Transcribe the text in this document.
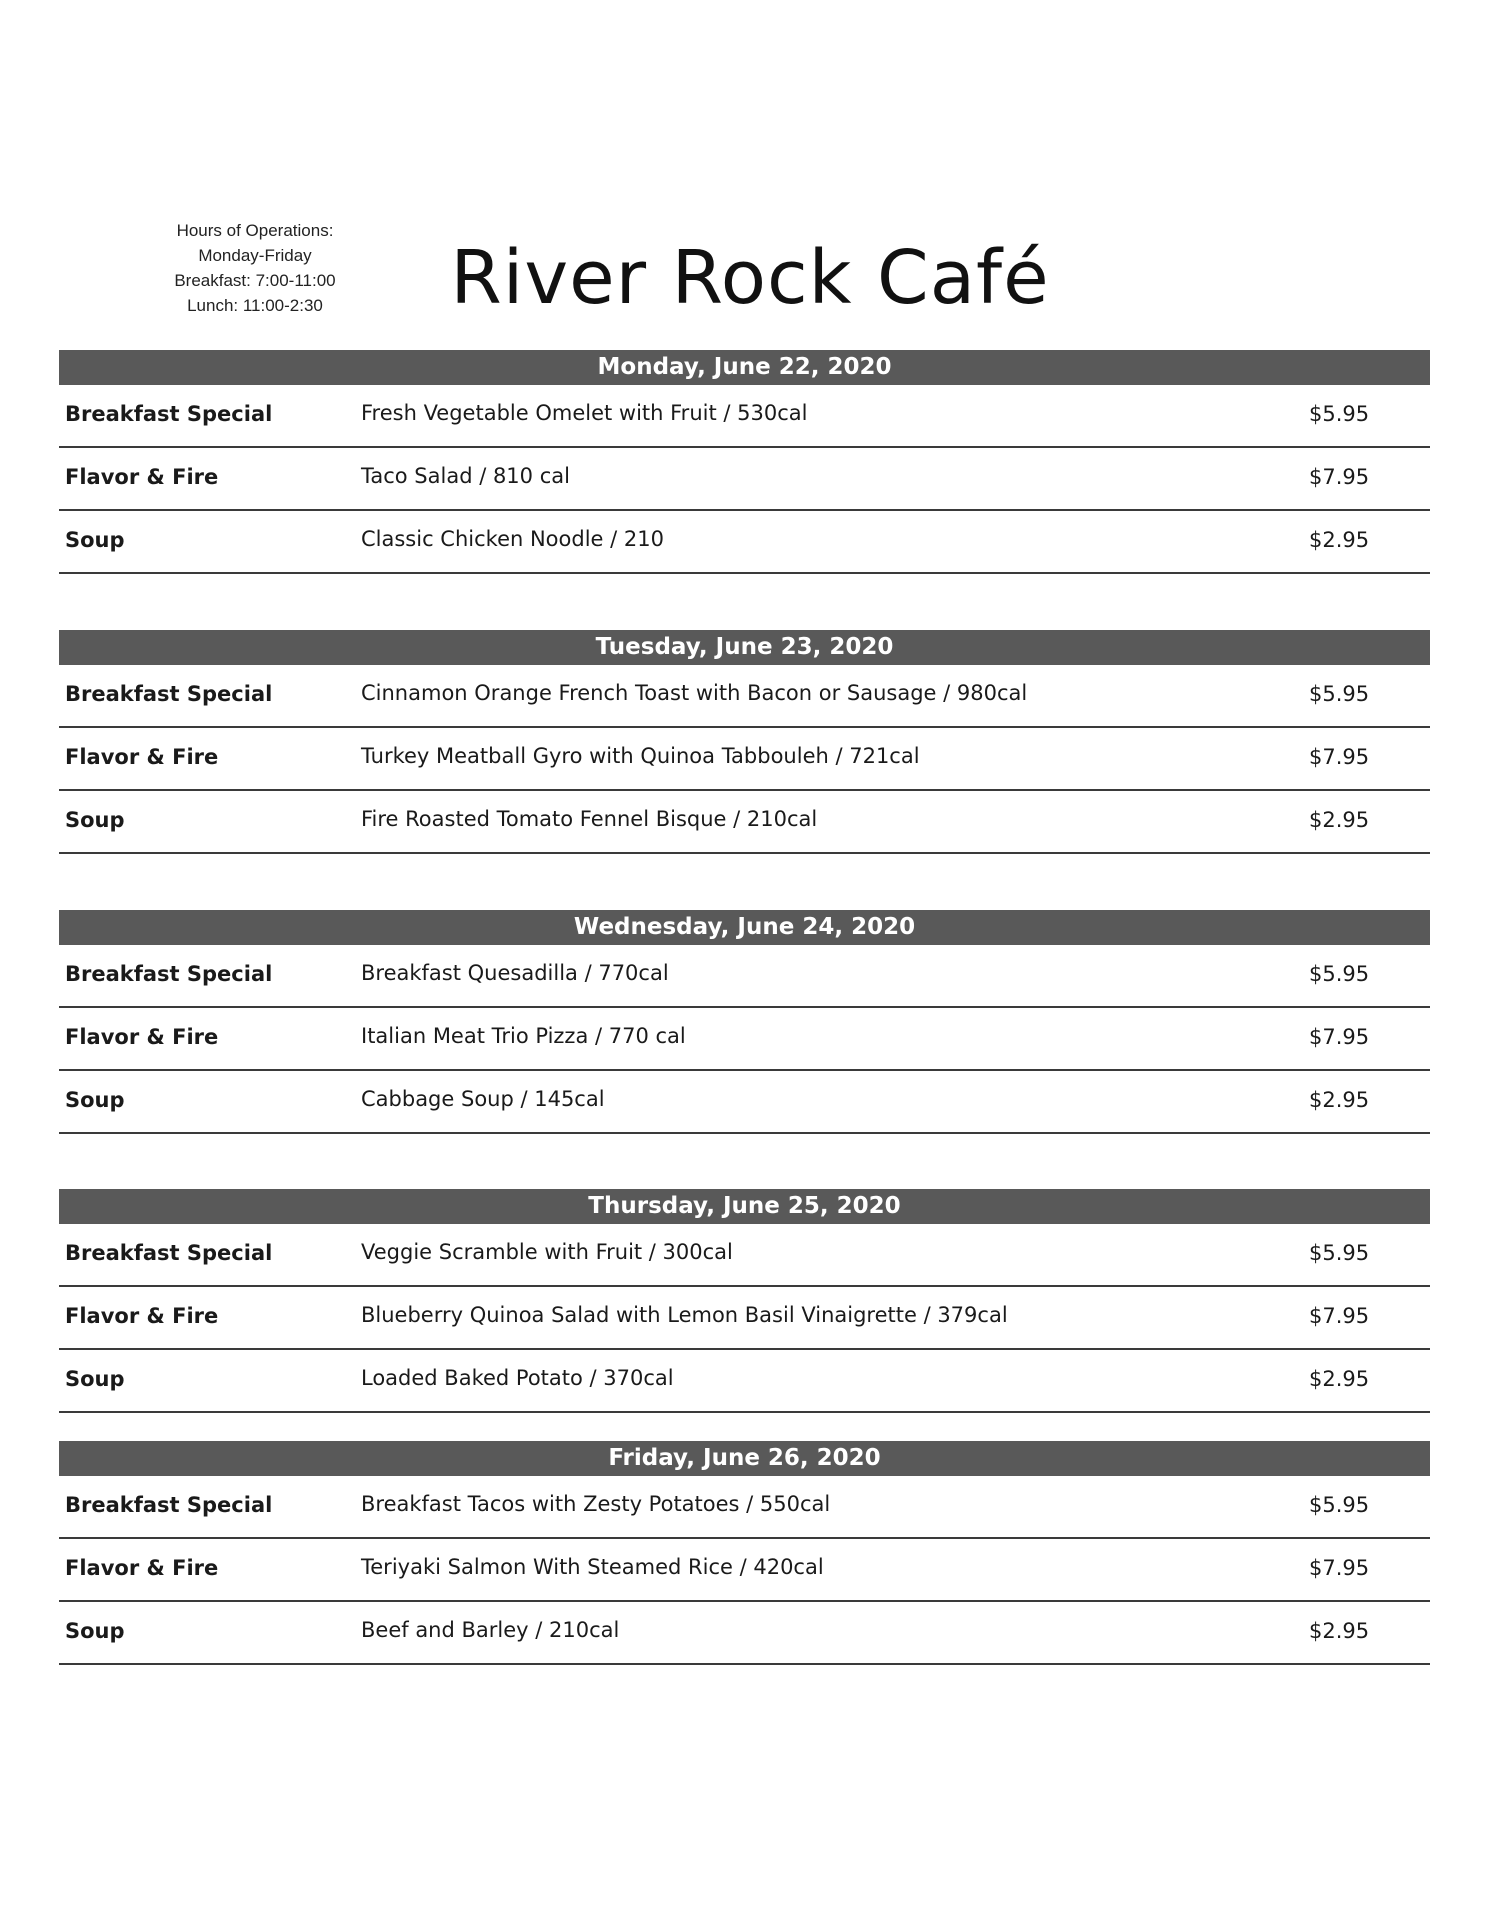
Hours of Operations:
Monday-Friday
Breakfast: 7:00-11:00
Lunch: 11:00-2:30	River Rock Café
Monday, June 22, 2020
Breakfast Special	Fresh Vegetable Omelet with Fruit / 530cal	$5.95
Flavor & Fire	Taco Salad / 810 cal	$7.95
Soup	Classic Chicken Noodle / 210	$2.95
Tuesday, June 23, 2020
Breakfast Special	Cinnamon Orange French Toast with Bacon or Sausage / 980cal	$5.95
Flavor & Fire	Turkey Meatball Gyro with Quinoa Tabbouleh / 721cal	$7.95
Soup	Fire Roasted Tomato Fennel Bisque / 210cal	$2.95
Wednesday, June 24, 2020
Breakfast Special	Breakfast Quesadilla / 770cal	$5.95
Flavor & Fire	Italian Meat Trio Pizza / 770 cal	$7.95
Soup	Cabbage Soup / 145cal	$2.95
Thursday, June 25, 2020
Breakfast Special	Veggie Scramble with Fruit / 300cal	$5.95
Flavor & Fire	Blueberry Quinoa Salad with Lemon Basil Vinaigrette / 379cal	$7.95
Soup	Loaded Baked Potato / 370cal	$2.95
Friday, June 26, 2020
Breakfast Special	Breakfast Tacos with Zesty Potatoes / 550cal	$5.95
Flavor & Fire	Teriyaki Salmon With Steamed Rice / 420cal	$7.95
Soup	Beef and Barley / 210cal	$2.95
